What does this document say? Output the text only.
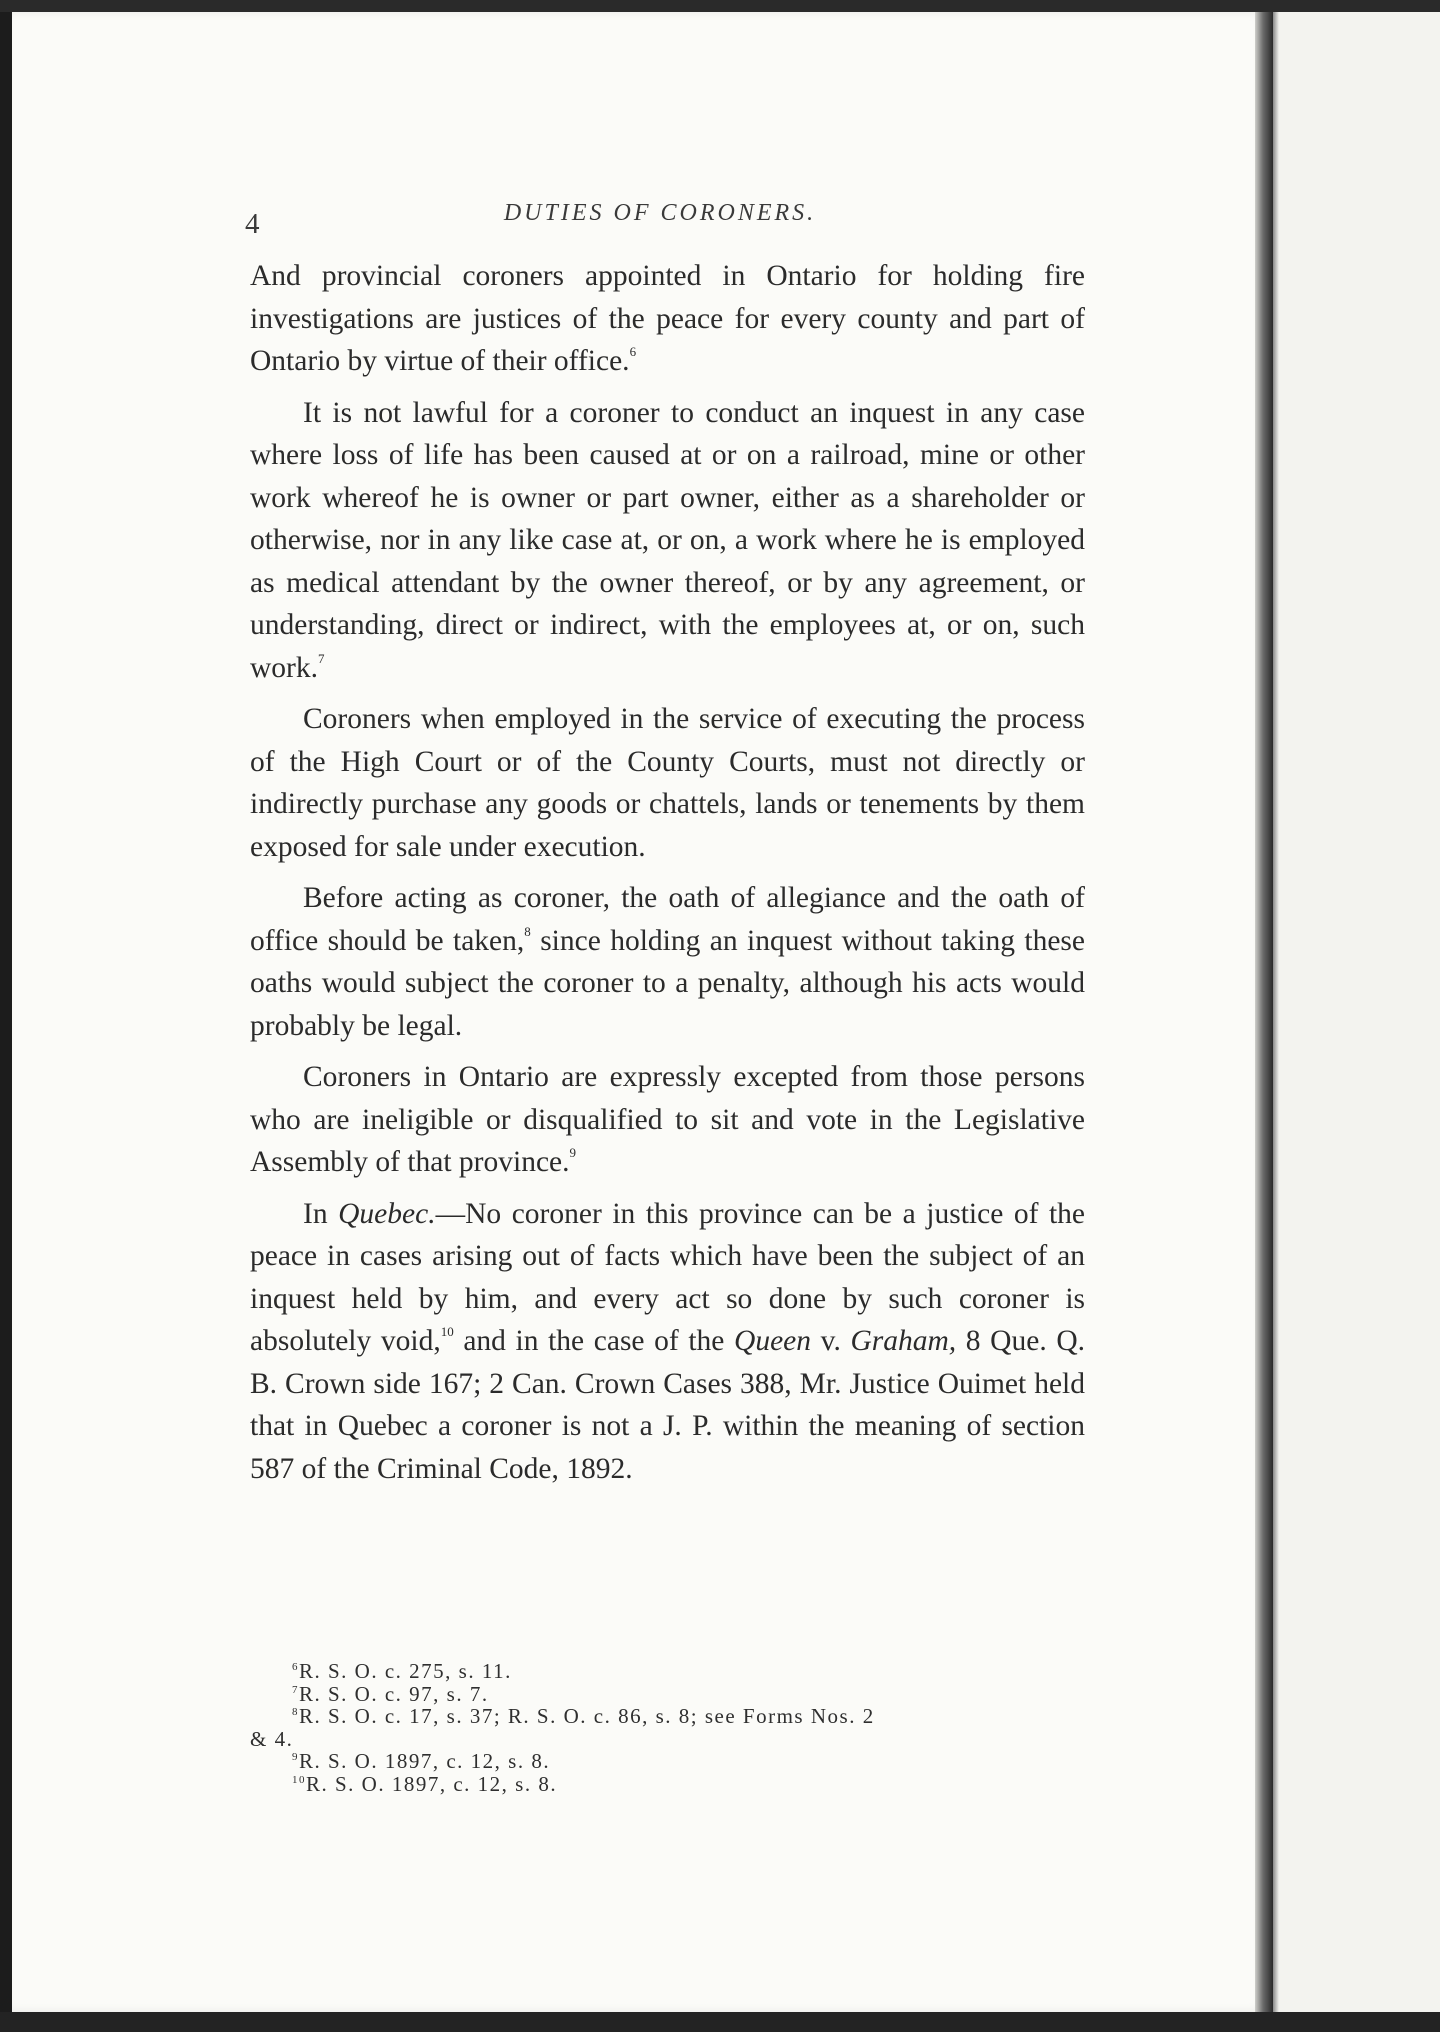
4	DUTIES OF CORONERS.

And provincial coroners appointed in Ontario for holding fire investigations are justices of the peace for every county and part of Ontario by virtue of their office.$^6$

It is not lawful for a coroner to conduct an inquest in any case where loss of life has been caused at or on a railroad, mine or other work whereof he is owner or part owner, either as a shareholder or otherwise, nor in any like case at, or on, a work where he is employed as medical attendant by the owner thereof, or by any agreement, or understanding, direct or indirect, with the employees at, or on, such work.$^7$

Coroners when employed in the service of executing the process of the High Court or of the County Courts, must not directly or indirectly purchase any goods or chattels, lands or tenements by them exposed for sale under execution.

Before acting as coroner, the oath of allegiance and the oath of office should be taken,$^8$ since holding an inquest without taking these oaths would subject the coroner to a penalty, although his acts would probably be legal.

Coroners in Ontario are expressly excepted from those persons who are ineligible or disqualified to sit and vote in the Legislative Assembly of that province.$^9$

In Quebec.—No coroner in this province can be a justice of the peace in cases arising out of facts which have been the subject of an inquest held by him, and every act so done by such coroner is absolutely void,$^{10}$ and in the case of the Queen v. Graham, 8 Que. Q. B. Crown side 167; 2 Can. Crown Cases 388, Mr. Justice Ouimet held that in Quebec a coroner is not a J. P. within the meaning of section 587 of the Criminal Code, 1892.

$^6$R. S. O. c. 275, s. 11.
$^7$R. S. O. c. 97, s. 7.
$^8$R. S. O. c. 17, s. 37; R. S. O. c. 86, s. 8; see Forms Nos. 2
& 4.
$^9$R. S. O. 1897, c. 12, s. 8.
$^{10}$R. S. O. 1897, c. 12, s. 8.
